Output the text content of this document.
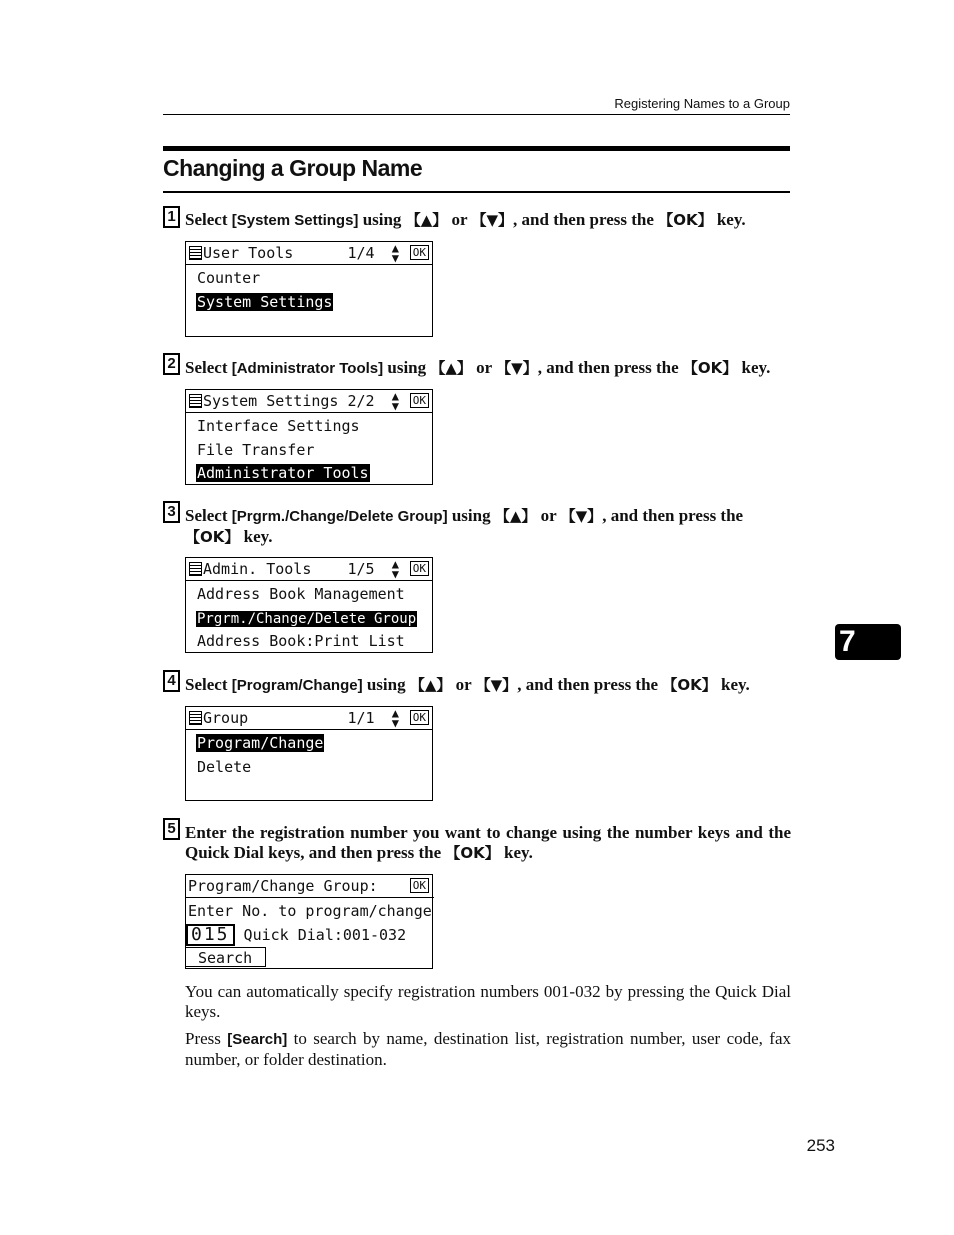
Registering Names to a Group
Changing a Group Name
1 Select [System Settings] using 【▲】 or 【▼】, and then press the 【OK】 key.
User Tools	1/4	▲
▼ OK
Counter
System Settings
2 Select [Administrator Tools] using 【▲】 or 【▼】, and then press the 【OK】 key.
System Settings 2/2	▲
▼ OK
Interface Settings
File Transfer
Administrator Tools
3 Select [Prgrm./Change/Delete Group] using 【▲】 or 【▼】, and then press the 【OK】 key.
Admin. Tools 1/5	▲
▼ OK
Address Book Management
Prgrm./Change/Delete Group
Address Book:Print List	7
4 Select [Program/Change] using 【▲】 or 【▼】, and then press the 【OK】 key.
Group	1/1	▲
▼ OK
Program/Change
Delete
5 Enter the registration number you want to change using the number keys and the Quick Dial keys, and then press the 【OK】 key.
Program/Change Group:	OK
Enter No. to program/change
015 Quick Dial:001-032
Search
You can automatically specify registration numbers 001-032 by pressing the Quick Dial keys.
Press [Search] to search by name, destination list, registration number, user code, fax number, or folder destination.
253
